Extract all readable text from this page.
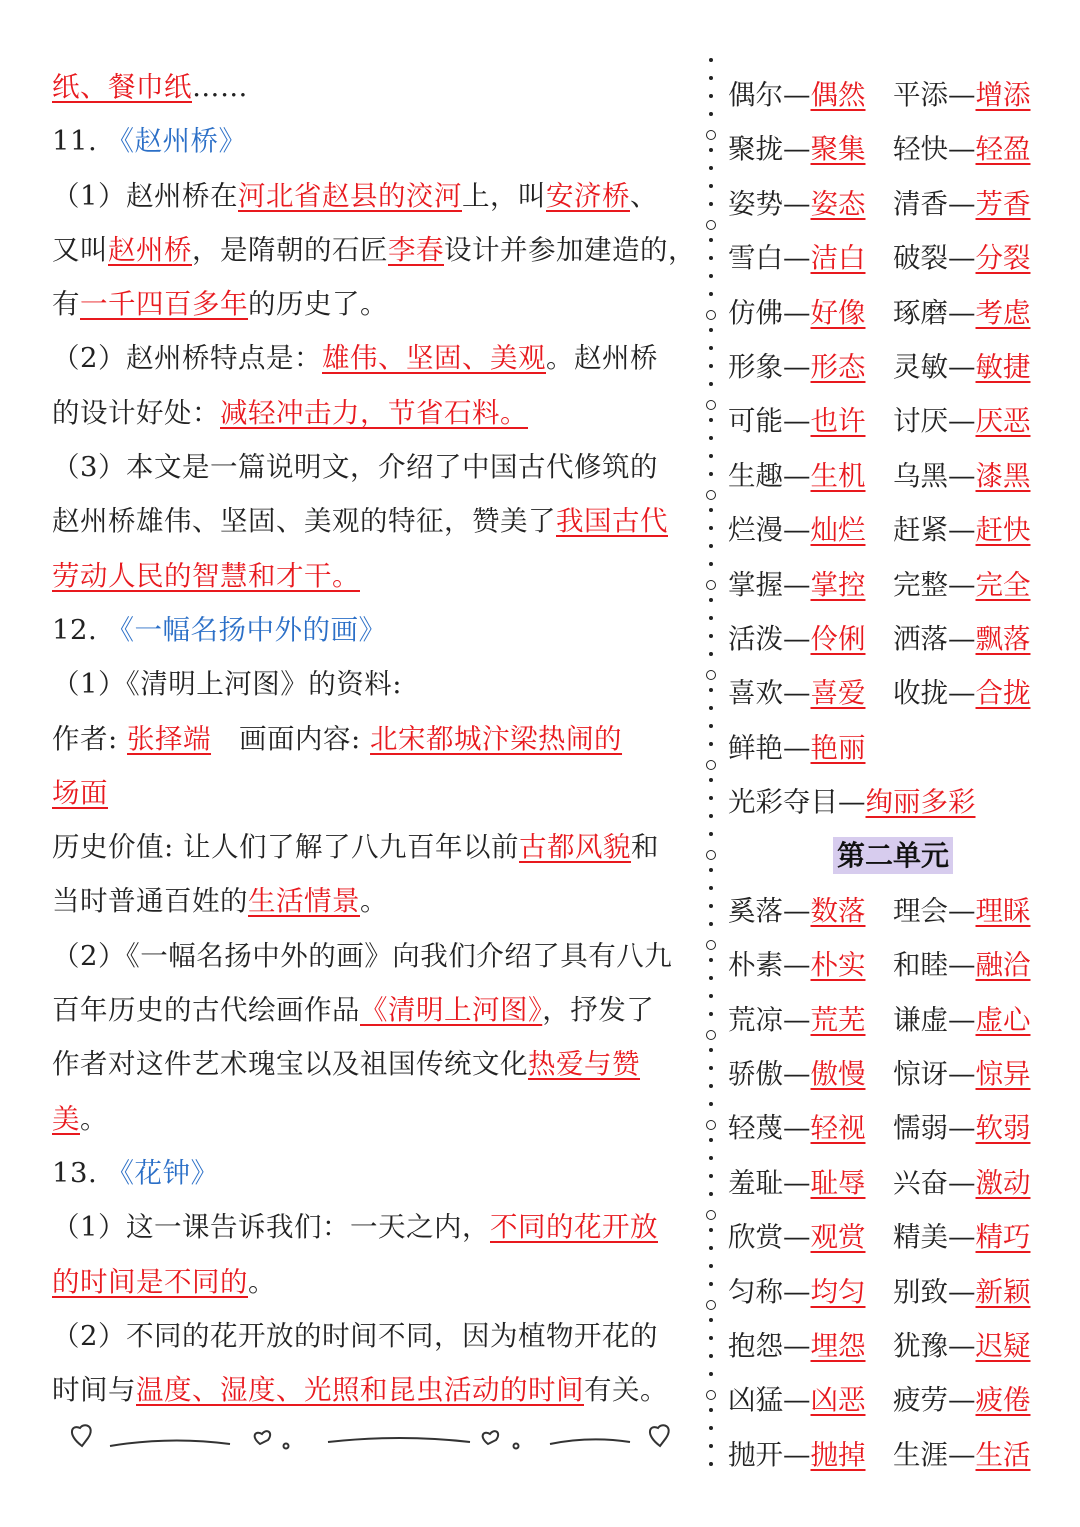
纸、餐巾纸……
11. 《赵州桥》
（1）赵州桥在河北省赵县的洨河上，叫安济桥、
又叫赵州桥，是隋朝的石匠李春设计并参加建造的，
有一千四百多年的历史了。
（2）赵州桥特点是：雄伟、坚固、美观。赵州桥
的设计好处：减轻冲击力，节省石料。
（3）本文是一篇说明文，介绍了中国古代修筑的
赵州桥雄伟、坚固、美观的特征，赞美了我国古代
劳动人民的智慧和才干。
12. 《一幅名扬中外的画》
（1）《清明上河图》的资料:
作者: 张择端　画面内容: 北宋都城汴梁热闹的
场面
历史价值: 让人们了解了八九百年以前古都风貌和
当时普通百姓的生活情景。
（2）《一幅名扬中外的画》向我们介绍了具有八九
百年历史的古代绘画作品《清明上河图》，抒发了
作者对这件艺术瑰宝以及祖国传统文化热爱与赞
美。
13. 《花钟》
（1）这一课告诉我们：一天之内，不同的花开放
的时间是不同的。
（2）不同的花开放的时间不同，因为植物开花的
时间与温度、湿度、光照和昆虫活动的时间有关。
偶尔—偶然	平添—增添
聚拢—聚集	轻快—轻盈
姿势—姿态	清香—芳香
雪白—洁白	破裂—分裂
仿佛—好像	琢磨—考虑
形象—形态	灵敏—敏捷
可能—也许	讨厌—厌恶
生趣—生机	乌黑—漆黑
烂漫—灿烂	赶紧—赶快
掌握—掌控	完整—完全
活泼—伶俐	洒落—飘落
喜欢—喜爱	收拢—合拢
鲜艳—艳丽
光彩夺目—绚丽多彩
第二单元
奚落—数落	理会—理睬
朴素—朴实	和睦—融洽
荒凉—荒芜	谦虚—虚心
骄傲—傲慢	惊讶—惊异
轻蔑—轻视	懦弱—软弱
羞耻—耻辱	兴奋—激动
欣赏—观赏	精美—精巧
匀称—均匀	别致—新颖
抱怨—埋怨	犹豫—迟疑
凶猛—凶恶	疲劳—疲倦
抛开—抛掉	生涯—生活
